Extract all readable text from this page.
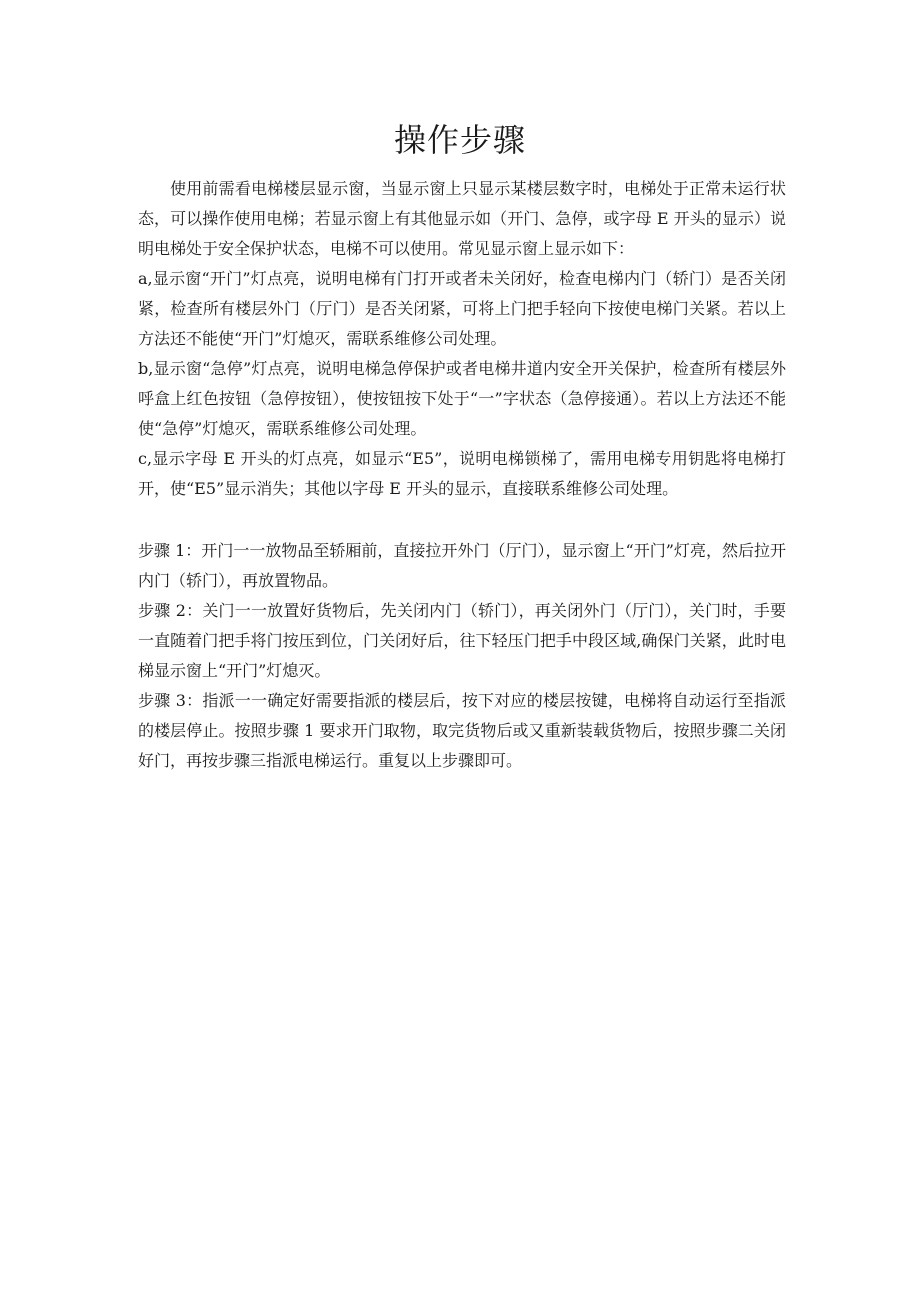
操作步骤

使用前需看电梯楼层显示窗，当显示窗上只显示某楼层数字时，电梯处于正常未运行状态，可以操作使用电梯；若显示窗上有其他显示如（开门、急停，或字母 E 开头的显示）说明电梯处于安全保护状态，电梯不可以使用。常见显示窗上显示如下：

a,显示窗“开门”灯点亮，说明电梯有门打开或者未关闭好，检查电梯内门（轿门）是否关闭紧，检查所有楼层外门（厅门）是否关闭紧，可将上门把手轻向下按使电梯门关紧。若以上方法还不能使“开门”灯熄灭，需联系维修公司处理。

b,显示窗“急停”灯点亮，说明电梯急停保护或者电梯井道内安全开关保护，检查所有楼层外呼盒上红色按钮（急停按钮），使按钮按下处于“一”字状态（急停接通）。若以上方法还不能使“急停”灯熄灭，需联系维修公司处理。

c,显示字母 E 开头的灯点亮，如显示“E5”，说明电梯锁梯了，需用电梯专用钥匙将电梯打开，使“E5”显示消失；其他以字母 E 开头的显示，直接联系维修公司处理。

步骤 1：开门一一放物品至轿厢前，直接拉开外门（厅门），显示窗上“开门”灯亮，然后拉开内门（轿门），再放置物品。

步骤 2：关门一一放置好货物后，先关闭内门（轿门），再关闭外门（厅门），关门时，手要一直随着门把手将门按压到位，门关闭好后，往下轻压门把手中段区域,确保门关紧，此时电梯显示窗上“开门”灯熄灭。

步骤 3：指派一一确定好需要指派的楼层后，按下对应的楼层按键，电梯将自动运行至指派的楼层停止。按照步骤 1 要求开门取物，取完货物后或又重新装载货物后，按照步骤二关闭好门，再按步骤三指派电梯运行。重复以上步骤即可。
